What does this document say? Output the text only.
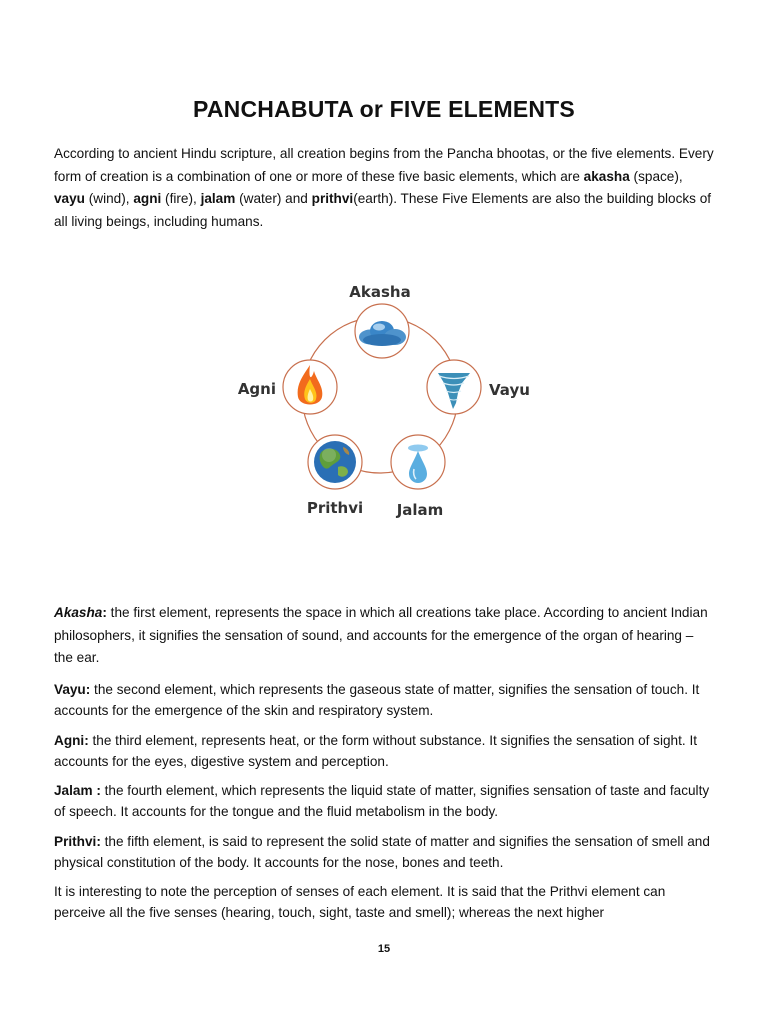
PANCHABUTA or FIVE ELEMENTS

According to ancient Hindu scripture, all creation begins from the Pancha bhootas, or the five elements. Every form of creation is a combination of one or more of these five basic elements, which are akasha (space), vayu (wind), agni (fire), jalam (water) and prithvi(earth). These Five Elements are also the building blocks of all living beings, including humans.

Akasha
Vayu
Agni
Prithvi Jalam

Akasha: the first element, represents the space in which all creations take place. According to ancient Indian philosophers, it signifies the sensation of sound, and accounts for the emergence of the organ of hearing – the ear.

Vayu: the second element, which represents the gaseous state of matter, signifies the sensation of touch. It accounts for the emergence of the skin and respiratory system.

Agni: the third element, represents heat, or the form without substance. It signifies the sensation of sight. It accounts for the eyes, digestive system and perception.

Jalam : the fourth element, which represents the liquid state of matter, signifies sensation of taste and faculty of speech. It accounts for the tongue and the fluid metabolism in the body.

Prithvi: the fifth element, is said to represent the solid state of matter and signifies the sensation of smell and physical constitution of the body. It accounts for the nose, bones and teeth.

It is interesting to note the perception of senses of each element. It is said that the Prithvi element can perceive all the five senses (hearing, touch, sight, taste and smell); whereas the next higher

15
